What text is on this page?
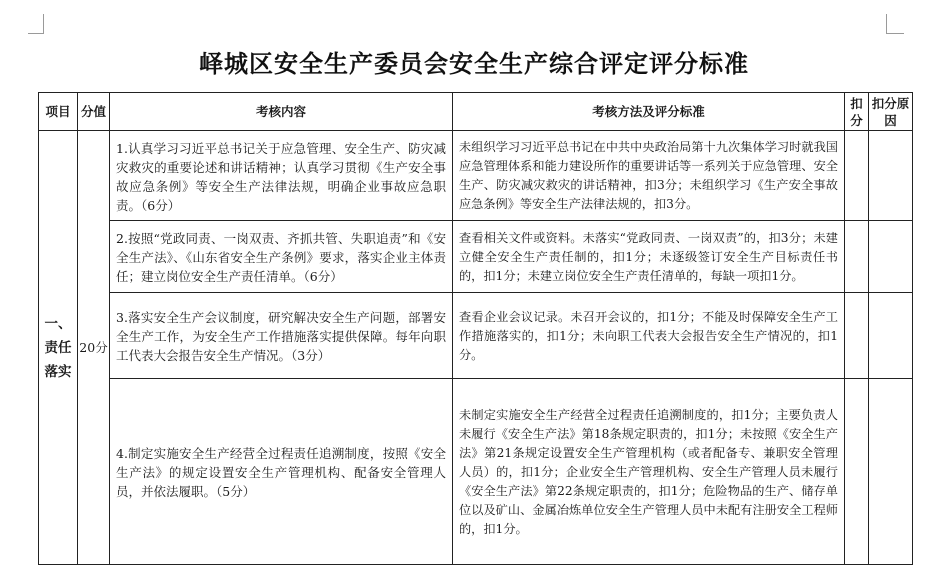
峄城区安全生产委员会安全生产综合评定评分标准
项目	分值	考核内容	考核方法及评分标准	扣分	扣分原因
一、责任落实	20分	1.认真学习习近平总书记关于应急管理、安全生产、防灾减灾救灾的重要论述和讲话精神；认真学习贯彻《生产安全事故应急条例》等安全生产法律法规，明确企业事故应急职责。（6分）	未组织学习习近平总书记在中共中央政治局第十九次集体学习时就我国应急管理体系和能力建设所作的重要讲话等一系列关于应急管理、安全生产、防灾减灾救灾的讲话精神，扣3分；未组织学习《生产安全事故应急条例》等安全生产法律法规的，扣3分。		
		2.按照“党政同责、一岗双责、齐抓共管、失职追责”和《安全生产法》、《山东省安全生产条例》要求，落实企业主体责任；建立岗位安全生产责任清单。（6分）	查看相关文件或资料。未落实“党政同责、一岗双责”的，扣3分；未建立健全安全生产责任制的，扣1分；未逐级签订安全生产目标责任书的，扣1分；未建立岗位安全生产责任清单的，每缺一项扣1分。		
		3.落实安全生产会议制度，研究解决安全生产问题，部署安全生产工作，为安全生产工作措施落实提供保障。每年向职工代表大会报告安全生产情况。（3分）	查看企业会议记录。未召开会议的，扣1分；不能及时保障安全生产工作措施落实的，扣1分；未向职工代表大会报告安全生产情况的，扣1分。		
		4.制定实施安全生产经营全过程责任追溯制度，按照《安全生产法》的规定设置安全生产管理机构、配备安全管理人员，并依法履职。（5分）	未制定实施安全生产经营全过程责任追溯制度的，扣1分；主要负责人未履行《安全生产法》第18条规定职责的，扣1分；未按照《安全生产法》第21条规定设置安全生产管理机构（或者配备专、兼职安全管理人员）的，扣1分；企业安全生产管理机构、安全生产管理人员未履行《安全生产法》第22条规定职责的，扣1分；危险物品的生产、储存单位以及矿山、金属冶炼单位安全生产管理人员中未配有注册安全工程师的，扣1分。		
